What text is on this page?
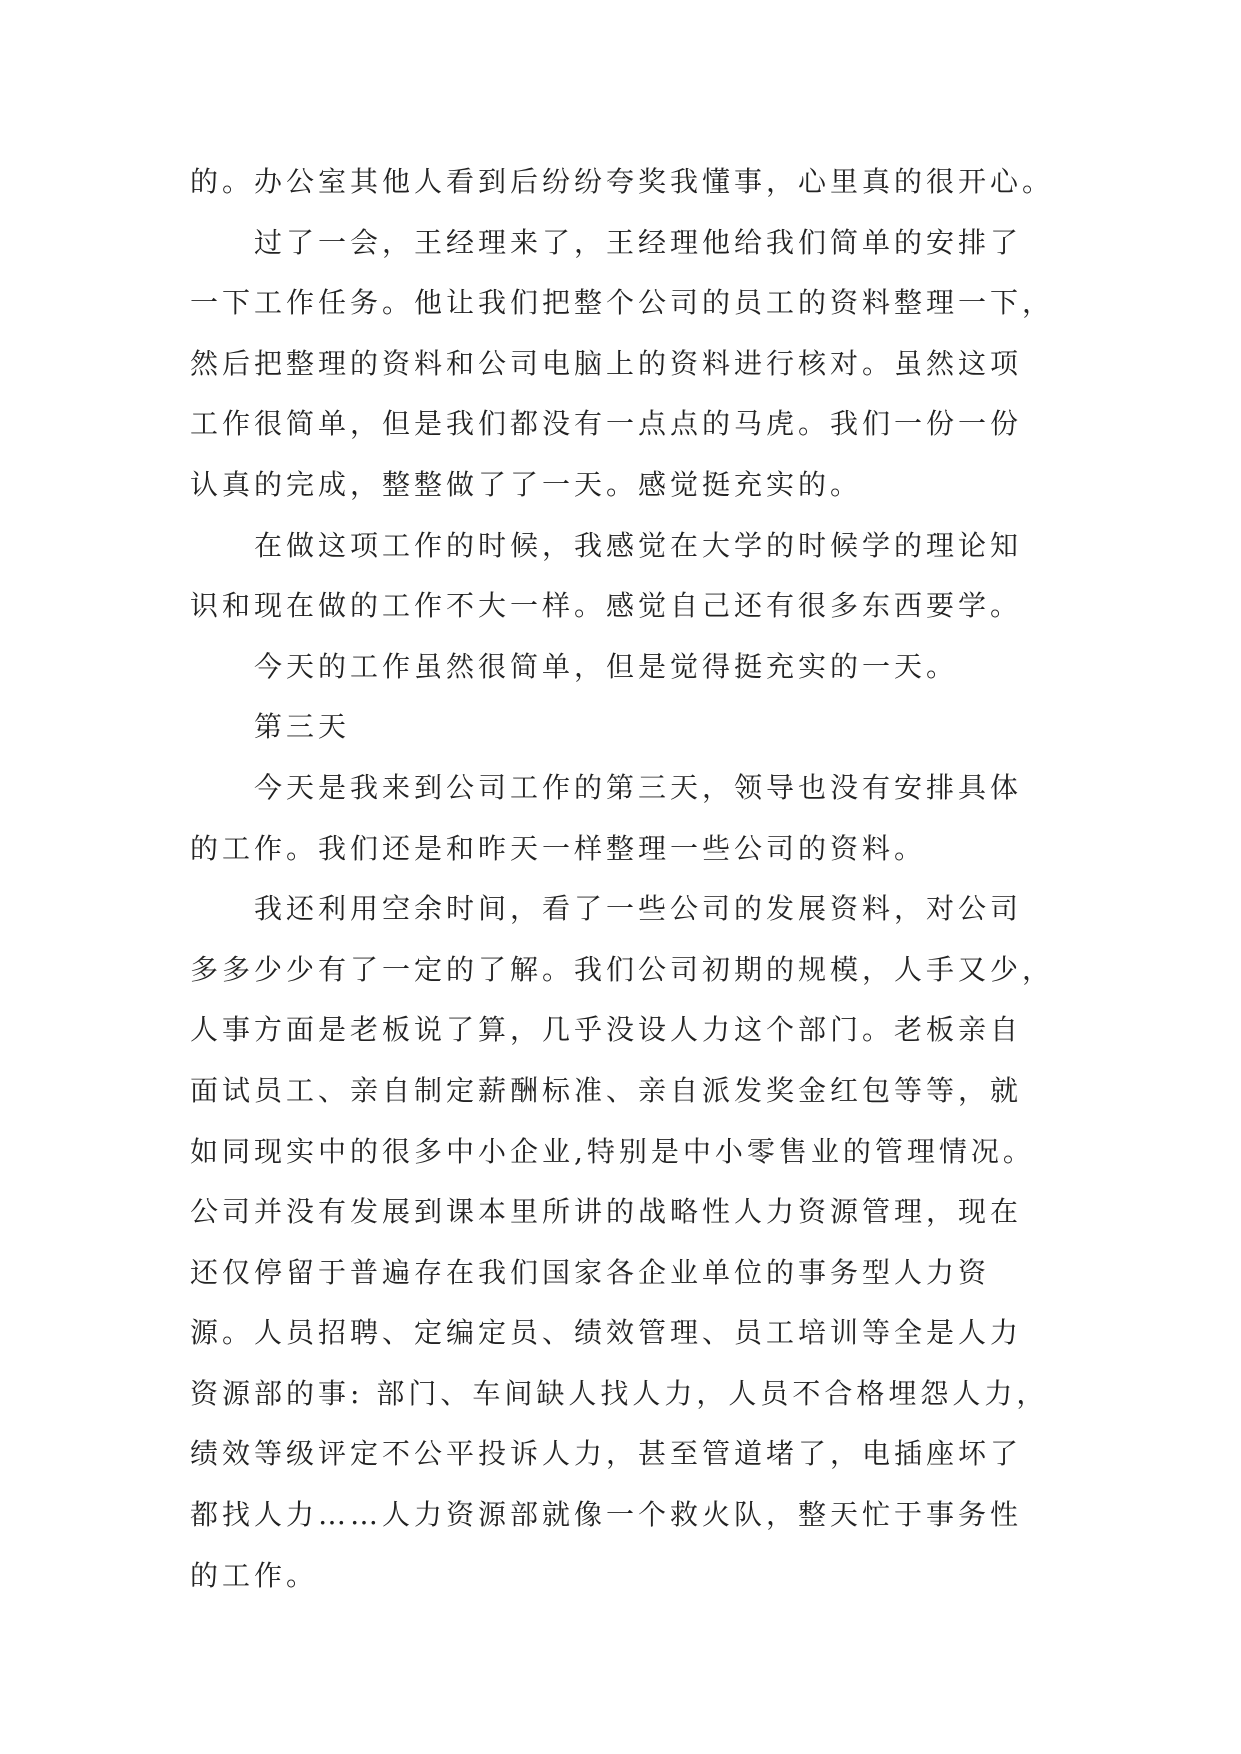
的。办公室其他人看到后纷纷夸奖我懂事，心里真的很开心。
过了一会，王经理来了，王经理他给我们简单的安排了
一下工作任务。他让我们把整个公司的员工的资料整理一下，
然后把整理的资料和公司电脑上的资料进行核对。虽然这项
工作很简单，但是我们都没有一点点的马虎。我们一份一份
认真的完成，整整做了了一天。感觉挺充实的。
在做这项工作的时候，我感觉在大学的时候学的理论知
识和现在做的工作不大一样。感觉自己还有很多东西要学。
今天的工作虽然很简单，但是觉得挺充实的一天。
第三天
今天是我来到公司工作的第三天，领导也没有安排具体
的工作。我们还是和昨天一样整理一些公司的资料。
我还利用空余时间，看了一些公司的发展资料，对公司
多多少少有了一定的了解。我们公司初期的规模，人手又少，
人事方面是老板说了算，几乎没设人力这个部门。老板亲自
面试员工、亲自制定薪酬标准、亲自派发奖金红包等等，就
如同现实中的很多中小企业,特别是中小零售业的管理情况。
公司并没有发展到课本里所讲的战略性人力资源管理，现在
还仅停留于普遍存在我们国家各企业单位的事务型人力资
源。人员招聘、定编定员、绩效管理、员工培训等全是人力
资源部的事: 部门、车间缺人找人力，人员不合格埋怨人力，
绩效等级评定不公平投诉人力，甚至管道堵了，电插座坏了
都找人力……人力资源部就像一个救火队，整天忙于事务性
的工作。
